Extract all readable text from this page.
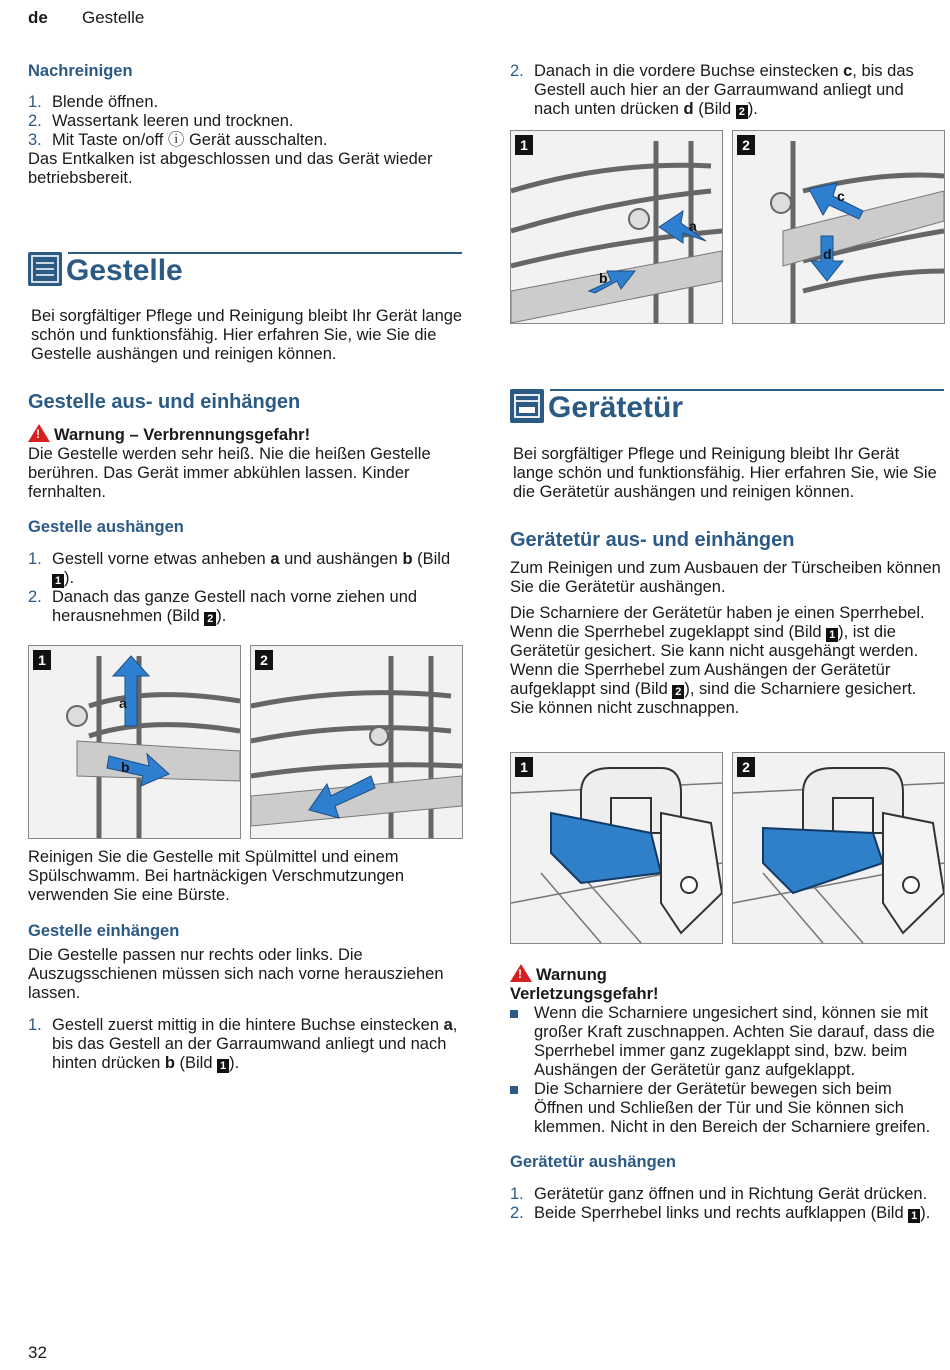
de Gestelle

Nachreinigen

1. Blende öffnen.
2. Wassertank leeren und trocknen.
3. Mit Taste on/off ⓘ Gerät ausschalten.

Das Entkalken ist abgeschlossen und das Gerät wieder betriebsbereit.

Gestelle

Bei sorgfältiger Pflege und Reinigung bleibt Ihr Gerät lange schön und funktionsfähig. Hier erfahren Sie, wie Sie die Gestelle aushängen und reinigen können.

Gestelle aus- und einhängen

!Warnung – Verbrennungsgefahr!

Die Gestelle werden sehr heiß. Nie die heißen Gestelle berühren. Das Gerät immer abkühlen lassen. Kinder fernhalten.

Gestelle aushängen

1. Gestell vorne etwas anheben a und aushängen b (Bild 1 ).
2. Danach das ganze Gestell nach vorne ziehen und herausnehmen (Bild 2 ).
1
a
b
2

Reinigen Sie die Gestelle mit Spülmittel und einem Spülschwamm. Bei hartnäckigen Verschmutzungen verwenden Sie eine Bürste.

Gestelle einhängen

Die Gestelle passen nur rechts oder links. Die Auszugsschienen müssen sich nach vorne herausziehen lassen.

1. Gestell zuerst mittig in die hintere Buchse einstecken a, bis das Gestell an der Garraumwand anliegt und nach hinten drücken b (Bild 1 ).
2. Danach in die vordere Buchse einstecken c, bis das Gestell auch hier an der Garraumwand anliegt und nach unten drücken d (Bild 2 ).
1
a
b
2
c
d
Gerätetür

Bei sorgfältiger Pflege und Reinigung bleibt Ihr Gerät lange schön und funktionsfähig. Hier erfahren Sie, wie Sie die Gerätetür aushängen und reinigen können.

Gerätetür aus- und einhängen

Zum Reinigen und zum Ausbauen der Türscheiben können Sie die Gerätetür aushängen.

Die Scharniere der Gerätetür haben je einen Sperrhebel.

Wenn die Sperrhebel zugeklappt sind (Bild 1 ), ist die Gerätetür gesichert. Sie kann nicht ausgehängt werden.

Wenn die Sperrhebel zum Aushängen der Gerätetür aufgeklappt sind (Bild 2 ), sind die Scharniere gesichert. Sie können nicht zuschnappen.

1	2

!Warnung

Verletzungsgefahr!

Wenn die Scharniere ungesichert sind, können sie mit großer Kraft zuschnappen. Achten Sie darauf, dass die Sperrhebel immer ganz zugeklappt sind, bzw. beim Aushängen der Gerätetür ganz aufgeklappt.
Die Scharniere der Gerätetür bewegen sich beim Öffnen und Schließen der Tür und Sie können sich klemmen. Nicht in den Bereich der Scharniere greifen.

Gerätetür aushängen

1. Gerätetür ganz öffnen und in Richtung Gerät drücken.
2. Beide Sperrhebel links und rechts aufklappen (Bild 1 ).
32
